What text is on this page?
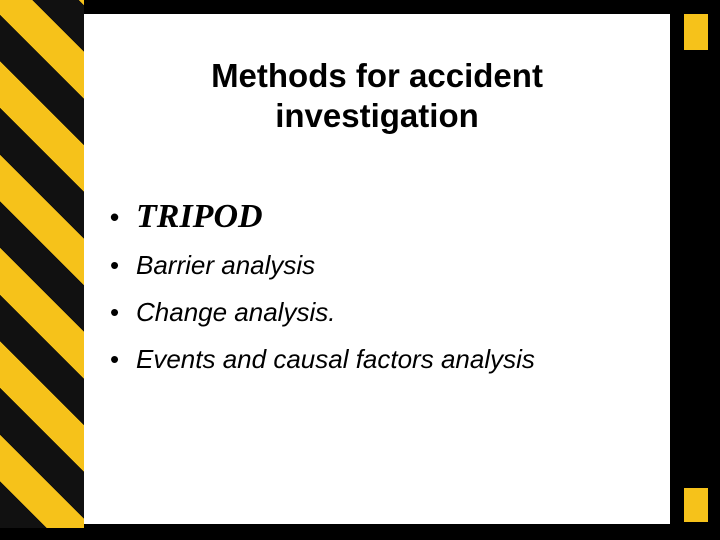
Methods for accident
investigation
• TRIPOD
• Barrier analysis
• Change analysis.
• Events and causal factors analysis
